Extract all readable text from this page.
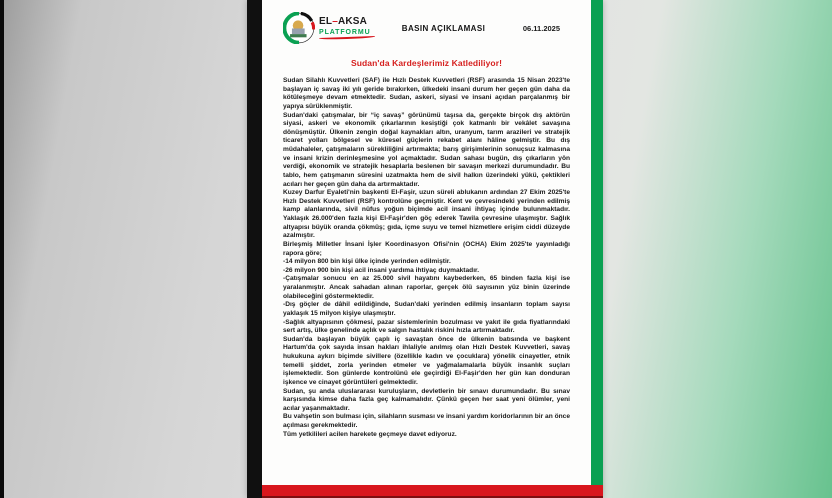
EL–AKSA
PLATFORMU	BASIN AÇIKLAMASI	06.11.2025
Sudan'da Kardeşlerimiz Katlediliyor!

Sudan Silahlı Kuvvetleri (SAF) ile Hızlı Destek Kuvvetleri (RSF) arasında 15 Nisan 2023'te başlayan iç savaş iki yılı geride bırakırken, ülkedeki insani durum her geçen gün daha da kötüleşmeye devam etmektedir. Sudan, askeri, siyasi ve insani açıdan parçalanmış bir yapıya sürüklenmiştir.

Sudan'daki çatışmalar, bir “iç savaş” görünümü taşısa da, gerçekte birçok dış aktörün siyasi, askeri ve ekonomik çıkarlarının kesiştiği çok katmanlı bir vekâlet savaşına dönüşmüştür. Ülkenin zengin doğal kaynakları altın, uranyum, tarım arazileri ve stratejik ticaret yolları bölgesel ve küresel güçlerin rekabet alanı hâline gelmiştir. Bu dış müdahaleler, çatışmaların sürekliliğini artırmakta; barış girişimlerinin sonuçsuz kalmasına ve insani krizin derinleşmesine yol açmaktadır. Sudan sahası bugün, dış çıkarların yön verdiği, ekonomik ve stratejik hesaplarla beslenen bir savaşın merkezi durumundadır. Bu tablo, hem çatışmanın süresini uzatmakta hem de sivil halkın üzerindeki yükü, çektikleri acıları her geçen gün daha da artırmaktadır.

Kuzey Darfur Eyaleti'nin başkenti El-Faşir, uzun süreli ablukanın ardından 27 Ekim 2025'te Hızlı Destek Kuvvetleri (RSF) kontrolüne geçmiştir. Kent ve çevresindeki yerinden edilmiş kamp alanlarında, sivil nüfus yoğun biçimde acil insani ihtiyaç içinde bulunmaktadır. Yaklaşık 26.000'den fazla kişi El-Faşir'den göç ederek Tawila çevresine ulaşmıştır. Sağlık altyapısı büyük oranda çökmüş; gıda, içme suyu ve temel hizmetlere erişim ciddi düzeyde azalmıştır.

Birleşmiş Milletler İnsani İşler Koordinasyon Ofisi'nin (OCHA) Ekim 2025'te yayınladığı rapora göre;

-14 milyon 800 bin kişi ülke içinde yerinden edilmiştir.

-26 milyon 900 bin kişi acil insani yardıma ihtiyaç duymaktadır.

-Çatışmalar sonucu en az 25.000 sivil hayatını kaybederken, 65 binden fazla kişi ise yaralanmıştır. Ancak sahadan alınan raporlar, gerçek ölü sayısının yüz binin üzerinde olabileceğini göstermektedir.

-Dış göçler de dâhil edildiğinde, Sudan'daki yerinden edilmiş insanların toplam sayısı yaklaşık 15 milyon kişiye ulaşmıştır.

-Sağlık altyapısının çökmesi, pazar sistemlerinin bozulması ve yakıt ile gıda fiyatlarındaki sert artış, ülke genelinde açlık ve salgın hastalık riskini hızla artırmaktadır.

Sudan'da başlayan büyük çaplı iç savaştan önce de ülkenin batısında ve başkent Hartum'da çok sayıda insan hakları ihlaliyle anılmış olan Hızlı Destek Kuvvetleri, savaş hukukuna aykırı biçimde sivillere (özellikle kadın ve çocuklara) yönelik cinayetler, etnik temelli şiddet, zorla yerinden etmeler ve yağmalamalarla büyük insanlık suçları işlemektedir. Son günlerde kontrolünü ele geçirdiği El-Faşir'den her gün kan donduran işkence ve cinayet görüntüleri gelmektedir.

Sudan, şu anda uluslararası kuruluşların, devletlerin bir sınavı durumundadır. Bu sınav karşısında kimse daha fazla geç kalmamalıdır. Çünkü geçen her saat yeni ölümler, yeni acılar yaşanmaktadır.

Bu vahşetin son bulması için, silahların susması ve insani yardım koridorlarının bir an önce açılması gerekmektedir.

Tüm yetkilileri acilen harekete geçmeye davet ediyoruz.
